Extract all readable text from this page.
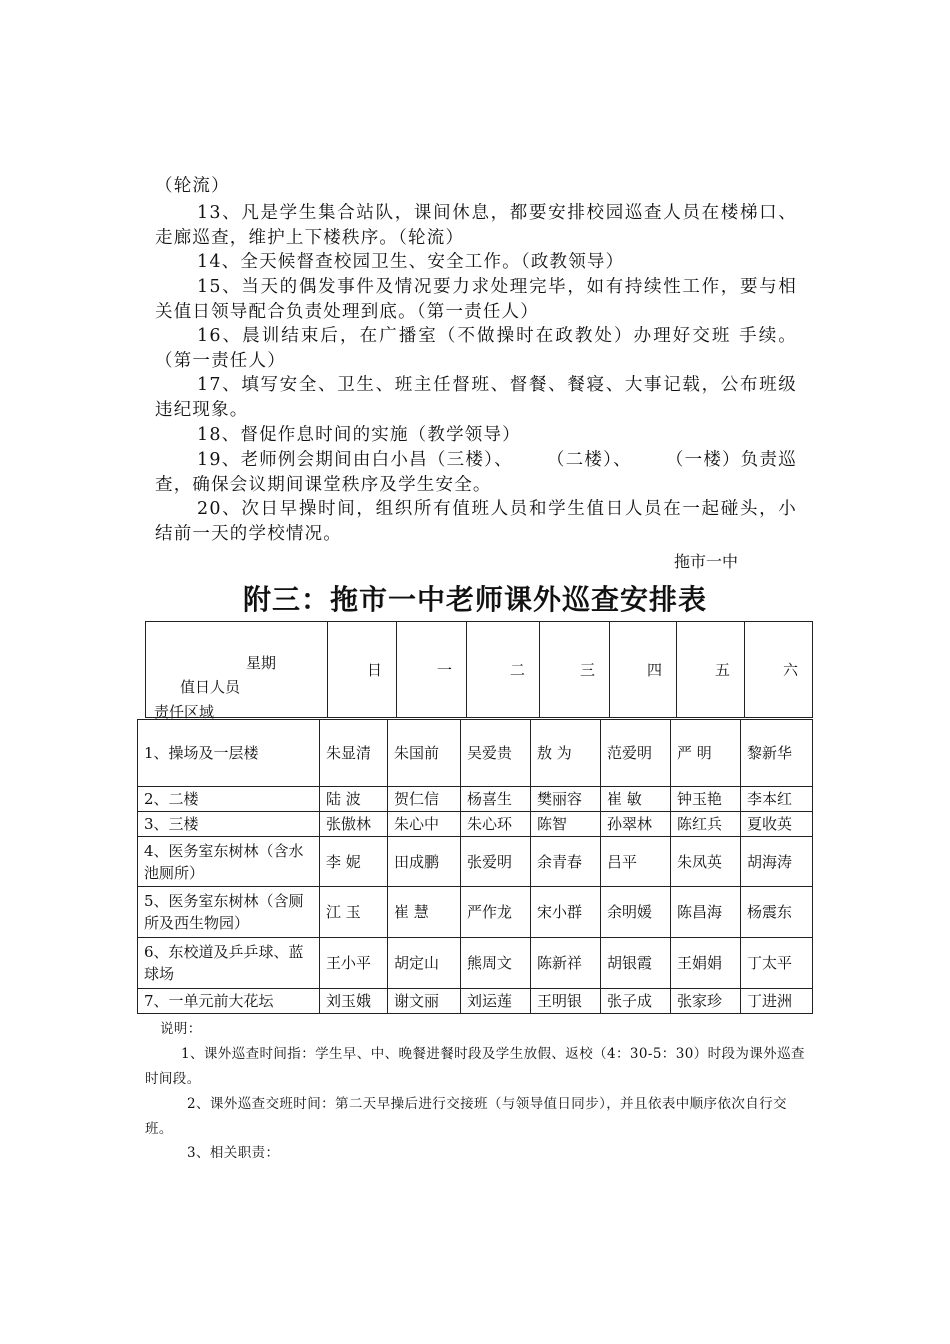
（轮流）

13、凡是学生集合站队，课间休息，都要安排校园巡查人员在楼梯口、走廊巡查，维护上下楼秩序。（轮流）

14、全天候督查校园卫生、安全工作。（政教领导）

15、当天的偶发事件及情况要力求处理完毕，如有持续性工作，要与相关值日领导配合负责处理到底。（第一责任人）

16、晨训结束后，在广播室（不做操时在政教处）办理好交班 手续。（第一责任人）

17、填写安全、卫生、班主任督班、督餐、餐寝、大事记载，公布班级违纪现象。

18、督促作息时间的实施（教学领导）

19、老师例会期间由白小昌（三楼）、     （二楼）、     （一楼）负责巡查，确保会议期间课堂秩序及学生安全。

20、次日早操时间，组织所有值班人员和学生值日人员在一起碰头，小结前一天的学校情况。

拖市一中
附三：拖市一中老师课外巡查安排表
星期
值日人员
责任区域
	日	一	二	三	四	五	六
1、操场及一层楼	朱显清	朱国前	吴爱贵	敖 为	范爱明	严 明	黎新华
2、二楼	陆 波	贺仁信	杨喜生	樊丽容	崔 敏	钟玉艳	李本红
3、三楼	张傲林	朱心中	朱心环	陈智	孙翠林	陈红兵	夏收英
4、医务室东树林（含水池厕所）	李 妮	田成鹏	张爱明	余青春	吕平	朱凤英	胡海涛
5、医务室东树林（含厕所及西生物园）	江 玉	崔 慧	严作龙	宋小群	余明媛	陈昌海	杨震东
6、东校道及乒乒球、蓝球场	王小平	胡定山	熊周文	陈新祥	胡银霞	王娟娟	丁太平
7、一单元前大花坛	刘玉娥	谢文丽	刘运莲	王明银	张子成	张家珍	丁进洲
说明：
1、课外巡查时间指：学生早、中、晚餐进餐时段及学生放假、返校（4：30-5：30）时段为课外巡查时间段。
2、课外巡查交班时间：第二天早操后进行交接班（与领导值日同步），并且依表中顺序依次自行交班。
3、相关职责：
